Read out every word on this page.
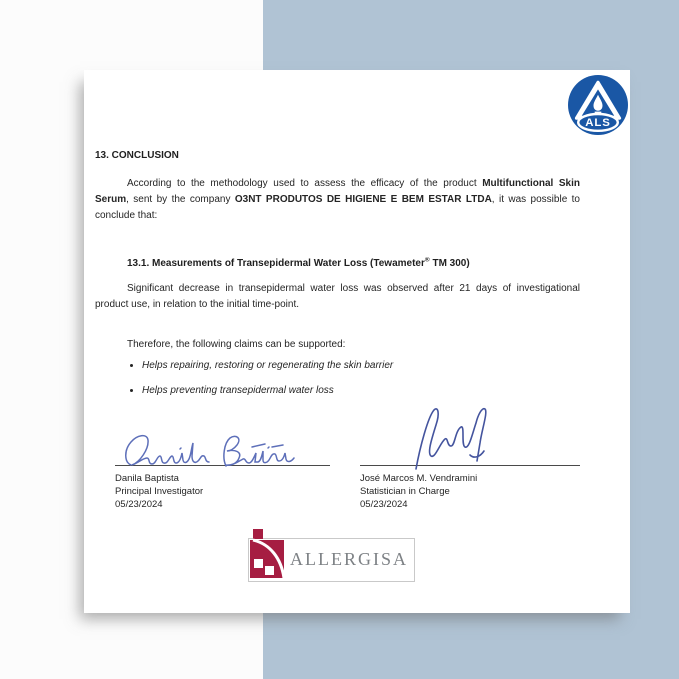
ALS
13. CONCLUSION

According to the methodology used to assess the efficacy of the product Multifunctional Skin Serum, sent by the company O3NT PRODUTOS DE HIGIENE E BEM ESTAR LTDA, it was possible to conclude that:

13.1. Measurements of Transepidermal Water Loss (Tewameter® TM 300)

Significant decrease in transepidermal water loss was observed after 21 days of investigational product use, in relation to the initial time-point.

Therefore, the following claims can be supported:

• Helps repairing, restoring or regenerating the skin barrier
• Helps preventing transepidermal water loss

Danila Baptista

Principal Investigator

05/23/2024

José Marcos M. Vendramini

Statistician in Charge

05/23/2024

ALLERGISA
